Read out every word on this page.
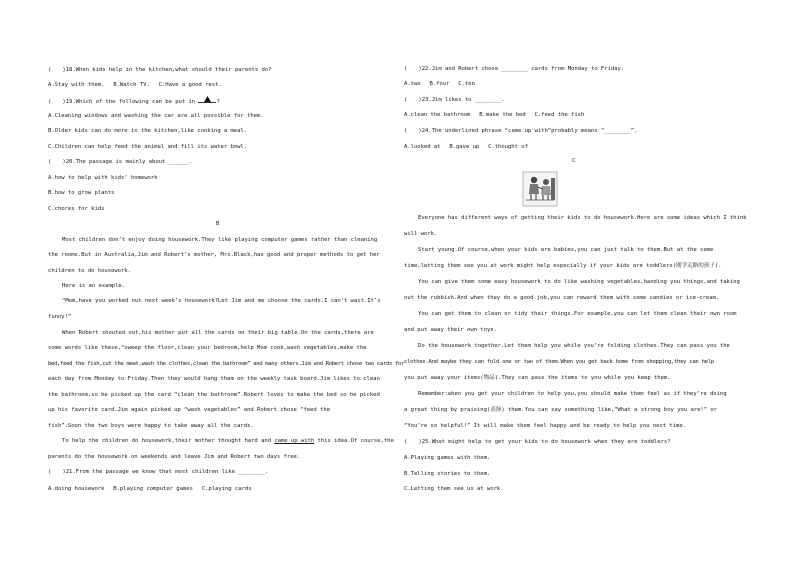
(　　)18.When kids help in the kitchen,what should their parents do?
A.Stay with them.　 B.Watch TV.　 C.Have a good rest.
(　　)19.Which of the following can be put in	?
A.Cleaning windows and washing the car are all possible for them.
B.Older kids can do more in the kitchen,like cooking a meal.
C.Children can help feed the animal and fill its water bowl.
(　　)20.The passage is mainly about ______.
A.how to help with kids’ homework
B.how to grow plants
C.chores for kids
B
Most children don’t enjoy doing housework.They like playing computer games rather than cleaning
the rooms.But in Australia,Jim and Robert’s mother, Mrs.Black,has good and proper methods to get her
children to do housework.
Here is an example.
“Mom,have you worked out next week’s housework?Let Jim and me choose the cards.I can’t wait.It’s
funny!”
When Robert shouted out,his mother put all the cards on their big table.On the cards,there are
some words like these,“sweep the floor,clean your bedroom,help Mom cook,wash vegetables,make the
bed,feed the fish,cut the meat,wash the clothes,clean the bathroom” and many others.Jim and Robert chose two cards for
each day from Monday to Friday.Then they would hang them on the weekly task board.Jim likes to clean
the bathroom,so he picked up the card “clean the bathroom”.Robert loves to make the bed so he picked
up his favorite card.Jim again picked up “wash vegetables” and Robert chose “feed the
fish”.Soon the two boys were happy to take away all the cards.
To help the children do housework,their mother thought hard and came up with this idea.Of course,the
parents do the housework on weekends and leave Jim and Robert two days free.
(　　)21.From the passage we know that most children like ________.
A.doing housework　 B.playing computer games　 C.playing cards
(　　)22.Jim and Robert chose ________ cards from Monday to Friday.
A.two　 B.four　 C.ten
(　　)23.Jim likes to ________.
A.clean the bathroom　 B.make the bed　 C.feed the fish
(　　)24.The underlined phrase “came up with”probably means “________”.
A.looked at　 B.gave up　 C.thought of
C
Everyone has different ways of getting their kids to do housework.Here are some ideas which I think
will work.
Start young.Of course,when your kids are babies,you can just talk to them.But at the same
time,letting them see you at work might help especially if your kids are toddlers(刚学走路的孩子).
You can give them some easy housework to do like washing vegetables,handing you things,and taking
out the rubbish.And when they do a good job,you can reward them with some candies or ice-cream.
You can get them to clean or tidy their things.For example,you can let them clean their own room
and put away their own toys.
Do the housework together.Let them help you while you’re folding clothes.They can pass you the
clothes.And maybe they can fold one or two of them.When you get back home from shopping,they can help
you put away your items(物品).They can pass the items to you while you keep them.
Remember:when you get your children to help you,you should make them feel as if they’re doing
a great thing by praising(表扬) them.You can say something like,“What a strong boy you are!” or
“You’re so helpful!” It will make them feel happy and be ready to help you next time.
(　　)25.What might help to get your kids to do housework when they are toddlers?
A.Playing games with them.
B.Telling stories to them.
C.Letting them see us at work.
